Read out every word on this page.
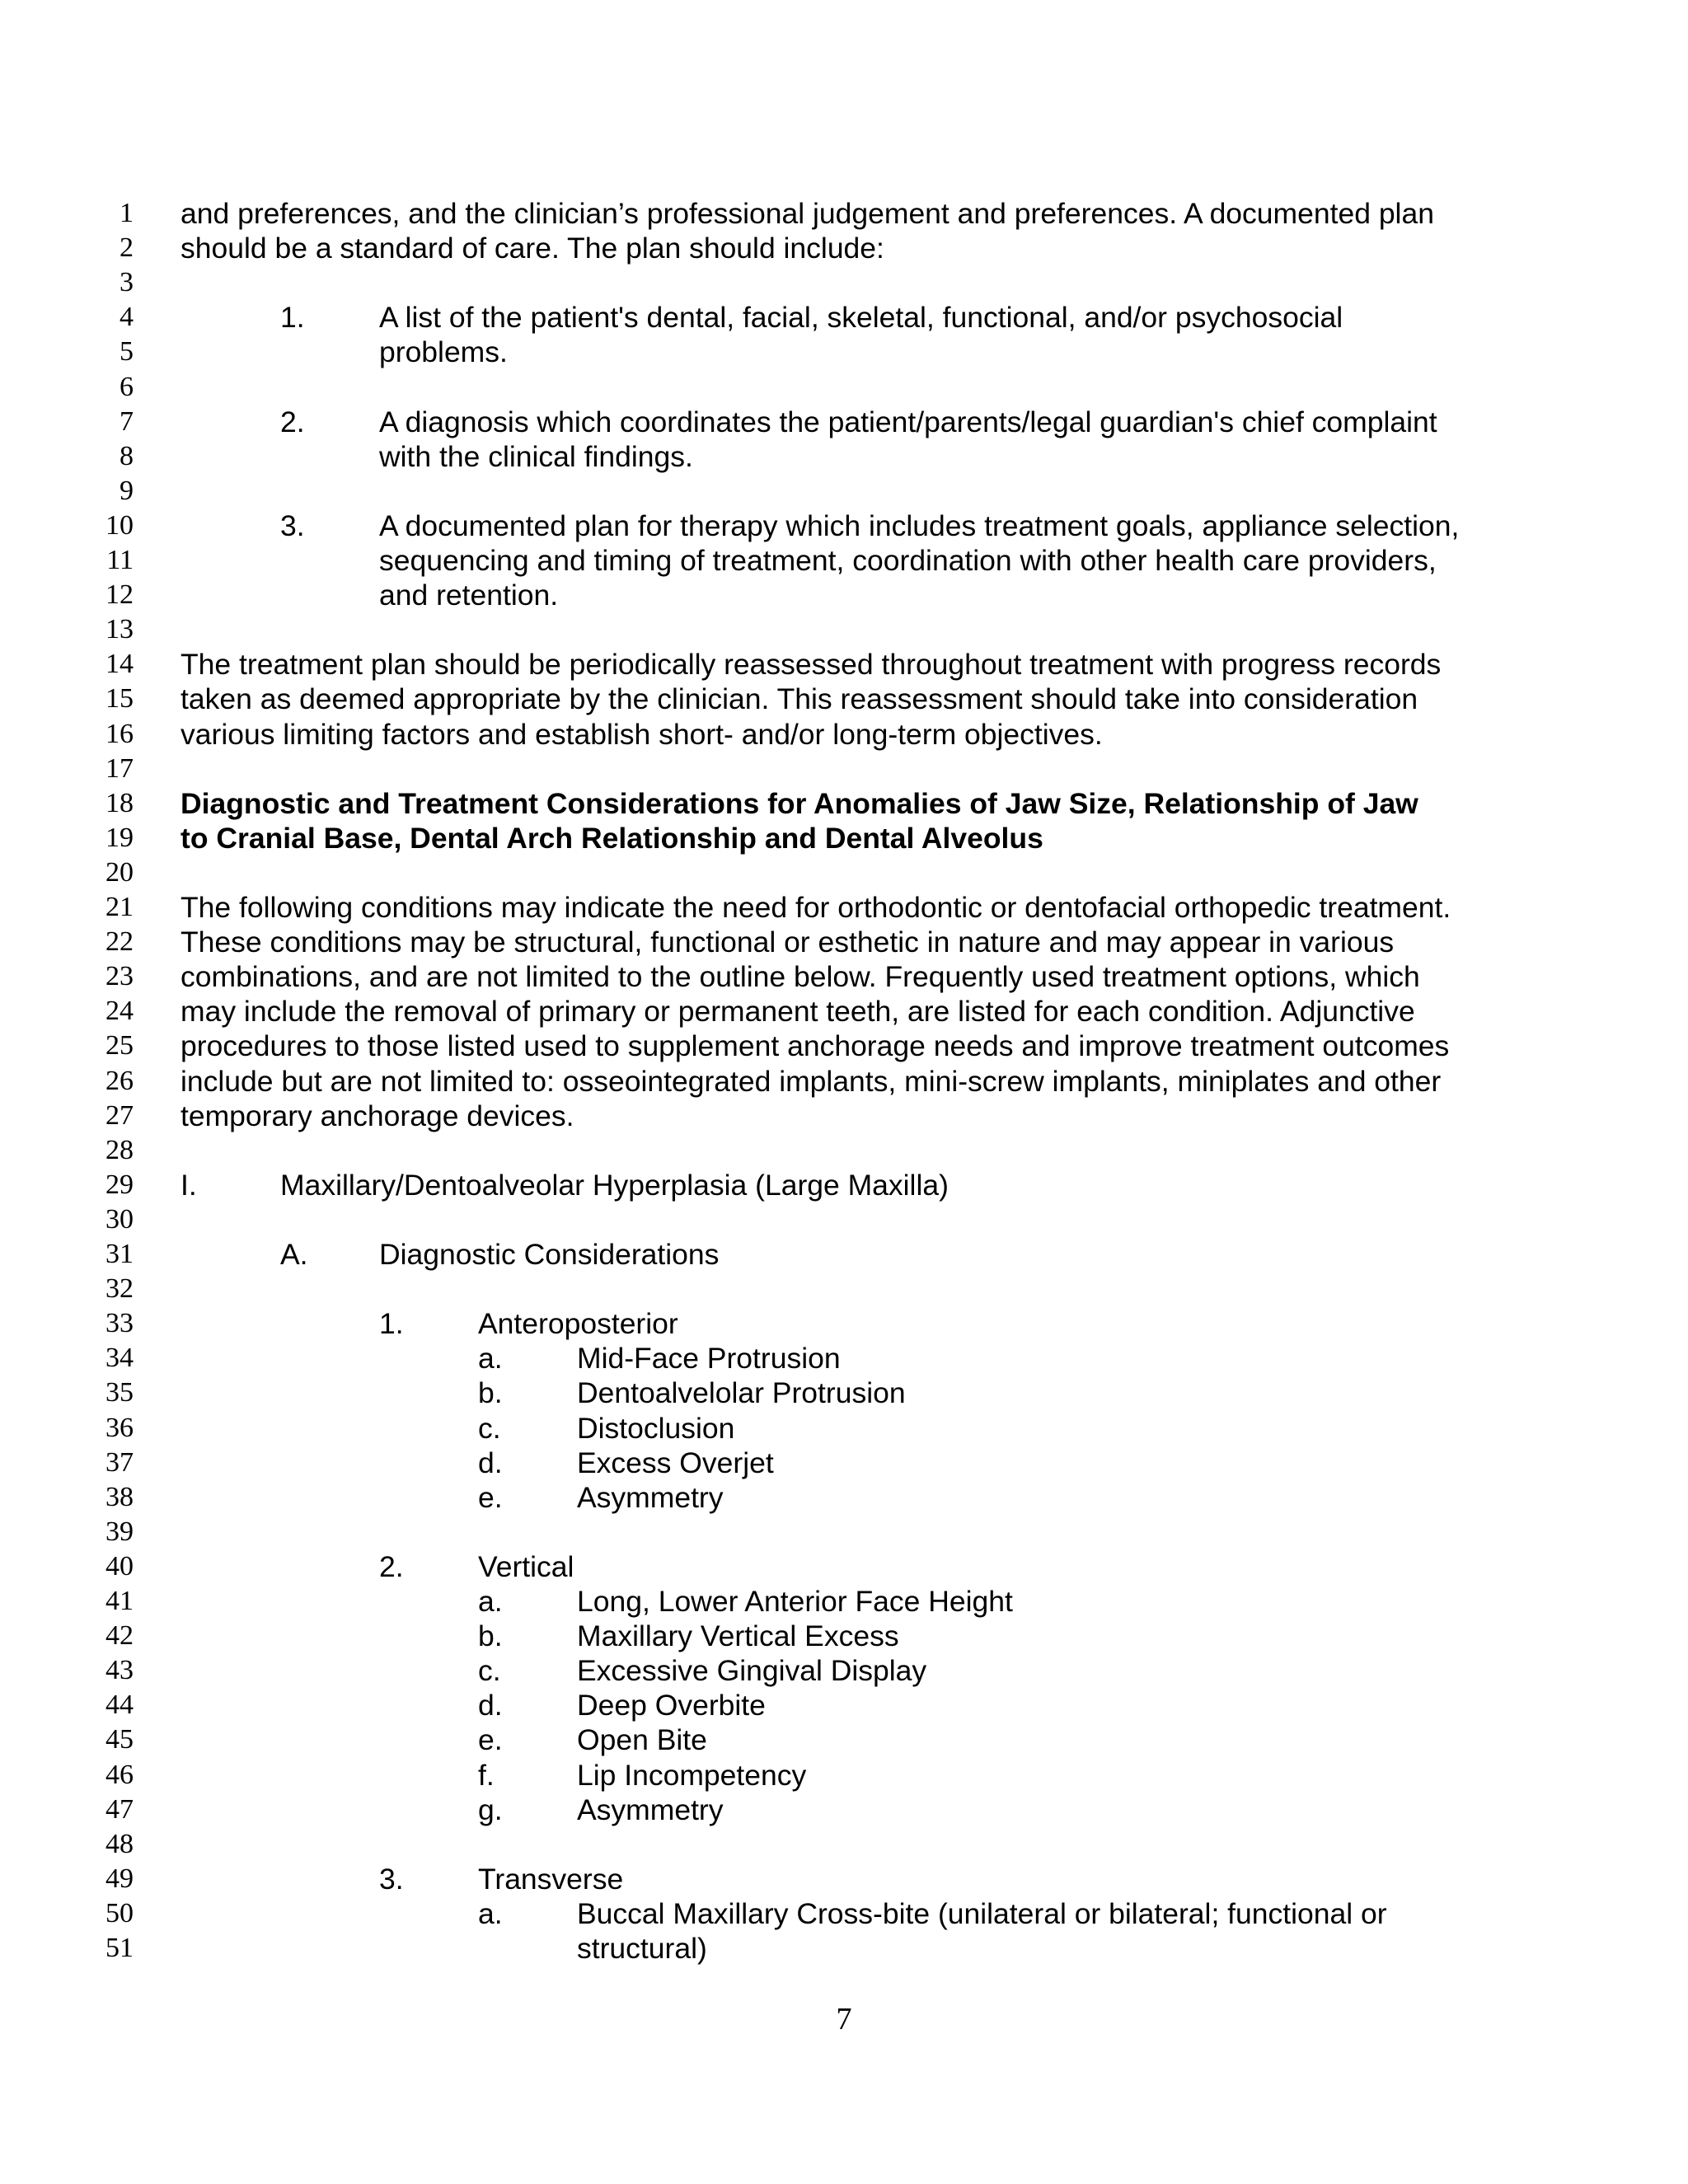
1 and preferences, and the clinician’s professional judgement and preferences. A documented plan
2 should be a standard of care. The plan should include:
3
4	1.	A list of the patient's dental, facial, skeletal, functional, and/or psychosocial
5	problems.
6
7	2.	A diagnosis which coordinates the patient/parents/legal guardian's chief complaint
8	with the clinical findings.
9
10	3.	A documented plan for therapy which includes treatment goals, appliance selection,
11	sequencing and timing of treatment, coordination with other health care providers,
12	and retention.
13
14 The treatment plan should be periodically reassessed throughout treatment with progress records
15 taken as deemed appropriate by the clinician. This reassessment should take into consideration
16 various limiting factors and establish short- and/or long-term objectives.
17
18 Diagnostic and Treatment Considerations for Anomalies of Jaw Size, Relationship of Jaw
19 to Cranial Base, Dental Arch Relationship and Dental Alveolus
20
21 The following conditions may indicate the need for orthodontic or dentofacial orthopedic treatment.
22 These conditions may be structural, functional or esthetic in nature and may appear in various
23 combinations, and are not limited to the outline below. Frequently used treatment options, which
24 may include the removal of primary or permanent teeth, are listed for each condition. Adjunctive
25 procedures to those listed used to supplement anchorage needs and improve treatment outcomes
26 include but are not limited to: osseointegrated implants, mini-screw implants, miniplates and other
27 temporary anchorage devices.
28
29 I.	Maxillary/Dentoalveolar Hyperplasia (Large Maxilla)
30
31	A. Diagnostic Considerations
32
33	1.	Anteroposterior
34	a.	Mid-Face Protrusion
35	b.	Dentoalvelolar Protrusion
36	c.	Distoclusion
37	d.	Excess Overjet
38	e.	Asymmetry
39
40	2.	Vertical
41	a.	Long, Lower Anterior Face Height
42	b.	Maxillary Vertical Excess
43	c.	Excessive Gingival Display
44	d.	Deep Overbite
45	e.	Open Bite
46	f.	Lip Incompetency
47	g.	Asymmetry
48
49	3.	Transverse
50	a.	Buccal Maxillary Cross-bite (unilateral or bilateral; functional or
51	structural)
7
